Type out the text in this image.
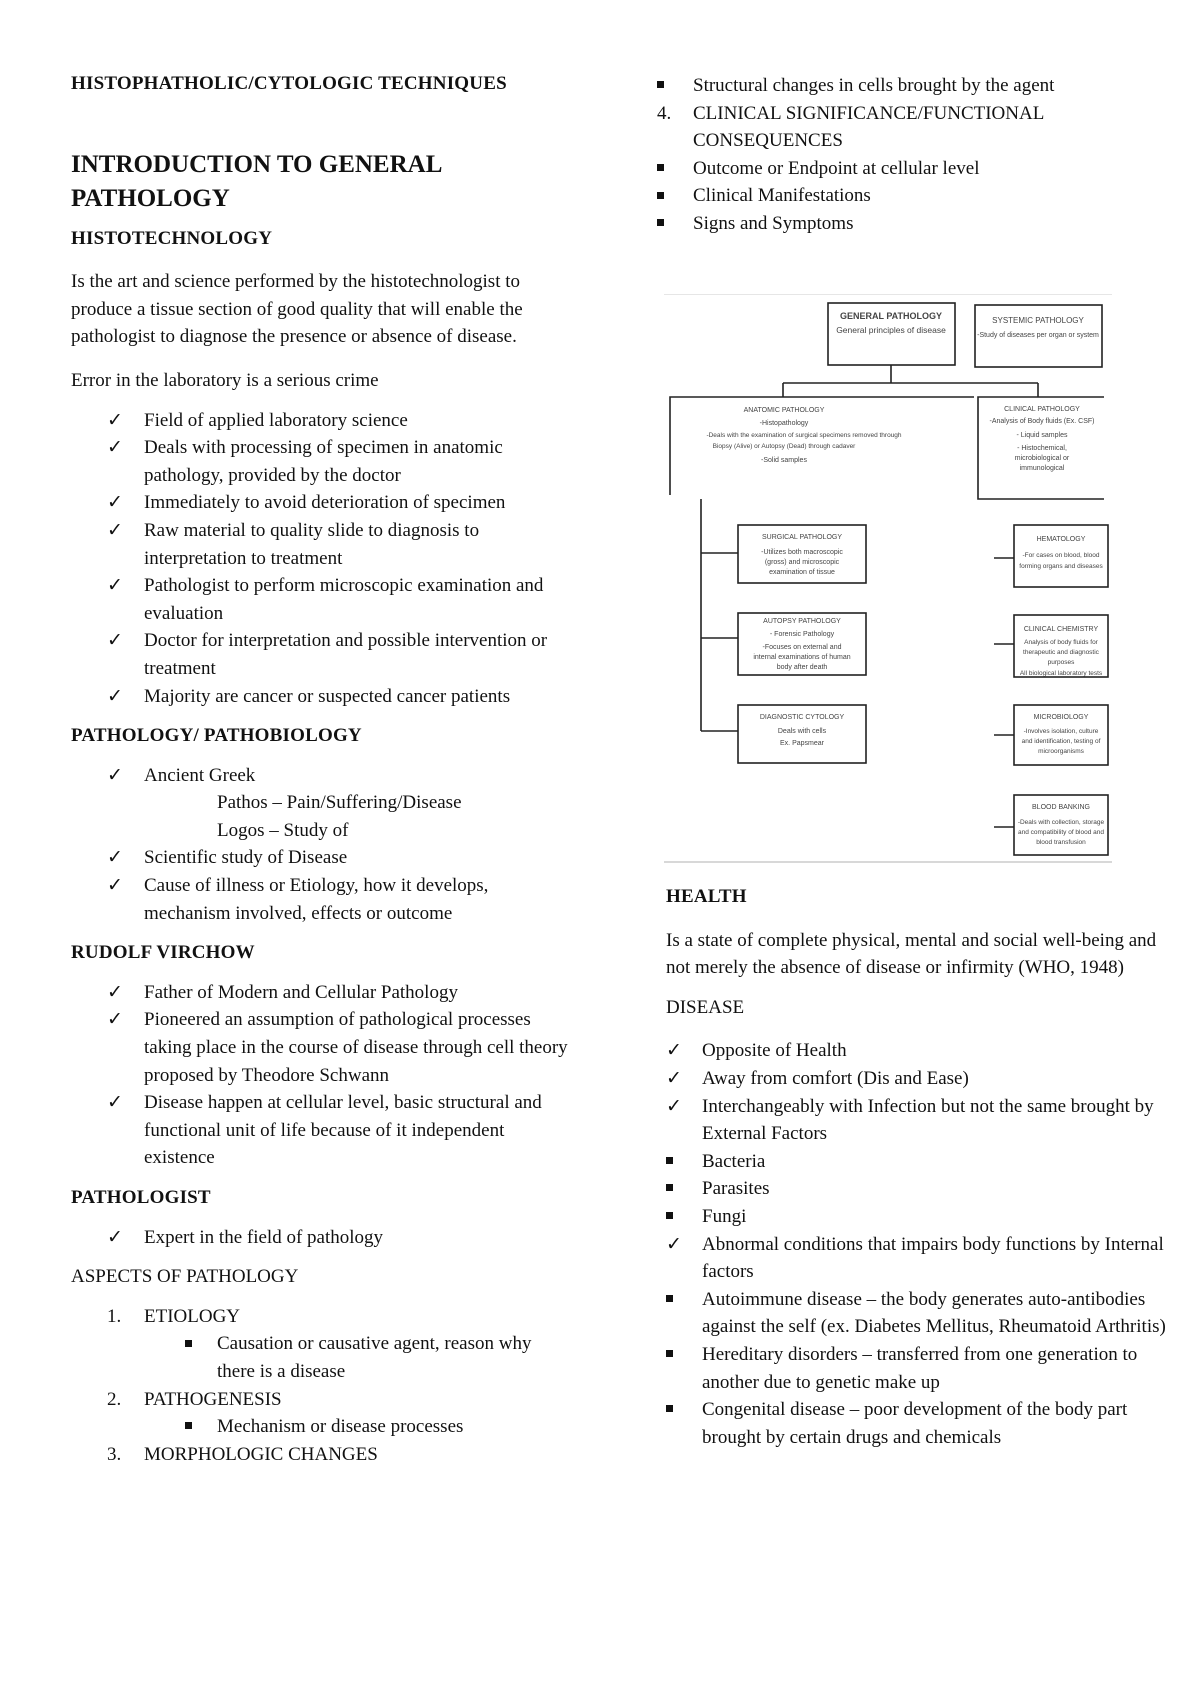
HISTOPHATHOLIC/CYTOLOGIC TECHNIQUES
INTRODUCTION TO GENERAL PATHOLOGY
HISTOTECHNOLOGY

Is the art and science performed by the histotechnologist to produce a tissue section of good quality that will enable the pathologist to diagnose the presence or absence of disease.

Error in the laboratory is a serious crime

✓	Field of applied laboratory science
✓	Deals with processing of specimen in anatomic pathology, provided by the doctor
✓	Immediately to avoid deterioration of specimen
✓	Raw material to quality slide to diagnosis to interpretation to treatment
✓	Pathologist to perform microscopic examination and evaluation
✓	Doctor for interpretation and possible intervention or treatment
✓	Majority are cancer or suspected cancer patients
PATHOLOGY/ PATHOBIOLOGY
✓	Ancient Greek
Pathos – Pain/Suffering/Disease
Logos – Study of
✓	Scientific study of Disease
✓	Cause of illness or Etiology, how it develops, mechanism involved, effects or outcome
RUDOLF VIRCHOW
✓	Father of Modern and Cellular Pathology
✓	Pioneered an assumption of pathological processes taking place in the course of disease through cell theory proposed by Theodore Schwann
✓	Disease happen at cellular level, basic structural and functional unit of life because of it independent existence
PATHOLOGIST
✓	Expert in the field of pathology
ASPECTS OF PATHOLOGY
1.	ETIOLOGY
Causation or causative agent, reason why there is a disease
2.	PATHOGENESIS
Mechanism or disease processes
3.	MORPHOLOGIC CHANGES
Structural changes in cells brought by the agent
4.	CLINICAL SIGNIFICANCE/FUNCTIONAL CONSEQUENCES
Outcome or Endpoint at cellular level
Clinical Manifestations
Signs and Symptoms
GENERAL PATHOLOGY
General principles of disease
SYSTEMIC PATHOLOGY
-Study of diseases per organ or system
ANATOMIC PATHOLOGY
-Histopathology
-Deals with the examination of surgical specimens removed through
Biopsy (Alive) or Autopsy (Dead) through cadaver
-Solid samples
CLINICAL PATHOLOGY
-Analysis of Body fluids (Ex. CSF)
- Liquid samples
- Histochemical,
microbiological or
immunological
SURGICAL PATHOLOGY
-Utilizes both macroscopic
(gross) and microscopic
examination of tissue
AUTOPSY PATHOLOGY
- Forensic Pathology
-Focuses on external and
internal examinations of human
body after death
DIAGNOSTIC CYTOLOGY
Deals with cells
Ex. Papsmear
HEMATOLOGY
-For cases on blood, blood
forming organs and diseases
CLINICAL CHEMISTRY
Analysis of body fluids for
therapeutic and diagnostic
purposes
All biological laboratory tests
MICROBIOLOGY
-Involves isolation, culture
and identification, testing of
microorganisms
BLOOD BANKING
-Deals with collection, storage
and compatibility of blood and
blood transfusion
HEALTH

Is a state of complete physical, mental and social well-being and not merely the absence of disease or infirmity (WHO, 1948)

DISEASE
✓	Opposite of Health
✓	Away from comfort (Dis and Ease)
✓	Interchangeably with Infection but not the same brought by External Factors
Bacteria
Parasites
Fungi
✓	Abnormal conditions that impairs body functions by Internal factors
Autoimmune disease – the body generates auto-antibodies against the self (ex. Diabetes Mellitus, Rheumatoid Arthritis)
Hereditary disorders – transferred from one generation to another due to genetic make up
Congenital disease – poor development of the body part brought by certain drugs and chemicals
